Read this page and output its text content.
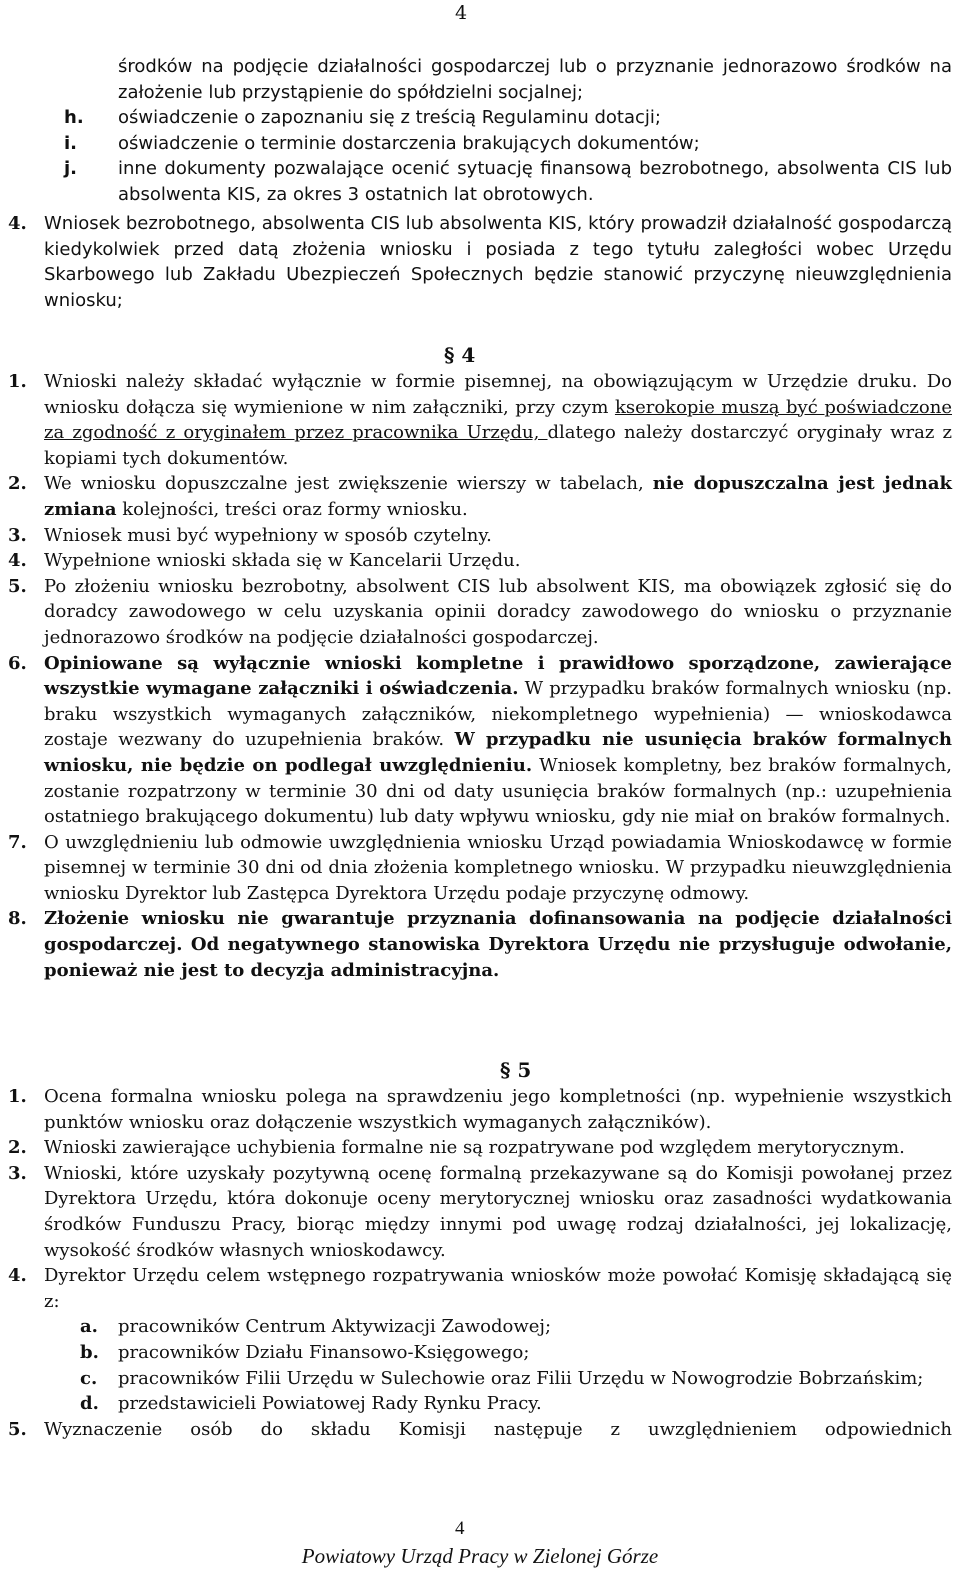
4
środków na podjęcie działalności gospodarczej lub o przyznanie jednorazowo środków na założenie lub przystąpienie do spółdzielni socjalnej;
h. oświadczenie o zapoznaniu się z treścią Regulaminu dotacji;
i. oświadczenie o terminie dostarczenia brakujących dokumentów;
j. inne dokumenty pozwalające ocenić sytuację finansową bezrobotnego, absolwenta CIS lub absolwenta KIS, za okres 3 ostatnich lat obrotowych.
4. Wniosek bezrobotnego, absolwenta CIS lub absolwenta KIS, który prowadził działalność gospodarczą kiedykolwiek przed datą złożenia wniosku i posiada z tego tytułu zaległości wobec Urzędu Skarbowego lub Zakładu Ubezpieczeń Społecznych będzie stanowić przyczynę nieuwzględnienia wniosku;
§ 4
1. Wnioski należy składać wyłącznie w formie pisemnej, na obowiązującym w Urzędzie druku. Do wniosku dołącza się wymienione w nim załączniki, przy czym kserokopie muszą być poświadczone za zgodność z oryginałem przez pracownika Urzędu, dlatego należy dostarczyć oryginały wraz z kopiami tych dokumentów.
2. We wniosku dopuszczalne jest zwiększenie wierszy w tabelach, nie dopuszczalna jest jednak zmiana kolejności, treści oraz formy wniosku.
3. Wniosek musi być wypełniony w sposób czytelny.
4. Wypełnione wnioski składa się w Kancelarii Urzędu.
5. Po złożeniu wniosku bezrobotny, absolwent CIS lub absolwent KIS, ma obowiązek zgłosić się do doradcy zawodowego w celu uzyskania opinii doradcy zawodowego do wniosku o przyznanie jednorazowo środków na podjęcie działalności gospodarczej.
6. Opiniowane są wyłącznie wnioski kompletne i prawidłowo sporządzone, zawierające wszystkie wymagane załączniki i oświadczenia. W przypadku braków formalnych wniosku (np. braku wszystkich wymaganych załączników, niekompletnego wypełnienia) — wnioskodawca zostaje wezwany do uzupełnienia braków. W przypadku nie usunięcia braków formalnych wniosku, nie będzie on podlegał uwzględnieniu. Wniosek kompletny, bez braków formalnych, zostanie rozpatrzony w terminie 30 dni od daty usunięcia braków formalnych (np.: uzupełnienia ostatniego brakującego dokumentu) lub daty wpływu wniosku, gdy nie miał on braków formalnych.
7. O uwzględnieniu lub odmowie uwzględnienia wniosku Urząd powiadamia Wnioskodawcę w formie pisemnej w terminie 30 dni od dnia złożenia kompletnego wniosku. W przypadku nieuwzględnienia wniosku Dyrektor lub Zastępca Dyrektora Urzędu podaje przyczynę odmowy.
8. Złożenie wniosku nie gwarantuje przyznania dofinansowania na podjęcie działalności gospodarczej. Od negatywnego stanowiska Dyrektora Urzędu nie przysługuje odwołanie, ponieważ nie jest to decyzja administracyjna.
§ 5
1. Ocena formalna wniosku polega na sprawdzeniu jego kompletności (np. wypełnienie wszystkich punktów wniosku oraz dołączenie wszystkich wymaganych załączników).
2. Wnioski zawierające uchybienia formalne nie są rozpatrywane pod względem merytorycznym.
3. Wnioski, które uzyskały pozytywną ocenę formalną przekazywane są do Komisji powołanej przez Dyrektora Urzędu, która dokonuje oceny merytorycznej wniosku oraz zasadności wydatkowania środków Funduszu Pracy, biorąc między innymi pod uwagę rodzaj działalności, jej lokalizację, wysokość środków własnych wnioskodawcy.
4. Dyrektor Urzędu celem wstępnego rozpatrywania wniosków może powołać Komisję składającą się z:
a. pracowników Centrum Aktywizacji Zawodowej;
b. pracowników Działu Finansowo-Księgowego;
c. pracowników Filii Urzędu w Sulechowie oraz Filii Urzędu w Nowogrodzie Bobrzańskim;
d. przedstawicieli Powiatowej Rady Rynku Pracy.
5. Wyznaczenie osób do składu Komisji następuje z uwzględnieniem odpowiednich
4
Powiatowy Urząd Pracy w Zielonej Górze
